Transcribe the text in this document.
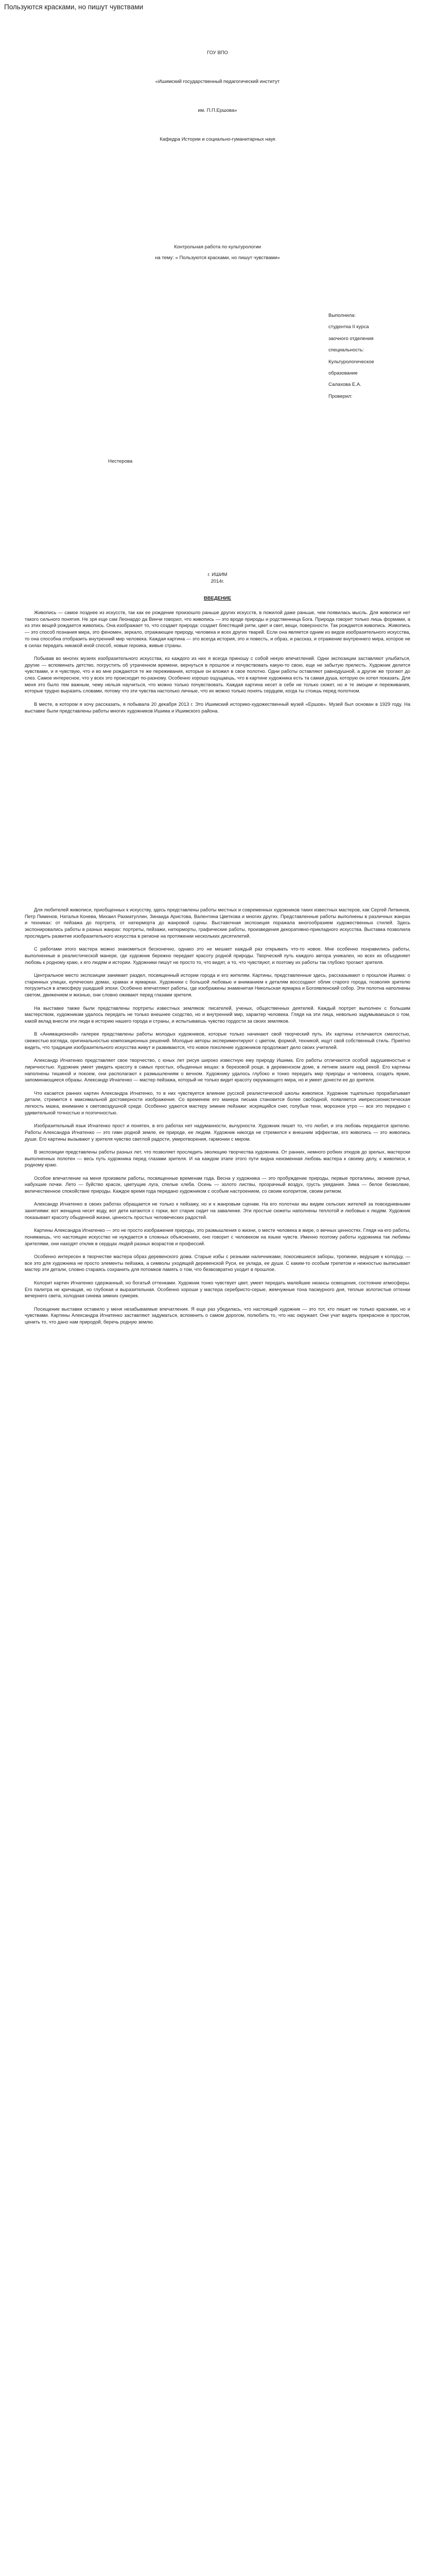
Пользуются красками, но пишут чувствами
ГОУ ВПО
«Ишимский государственный педагогический институт
им. П.П.Ершова»
Кафедра Истории и социально-гуманитарных наук
Контрольная работа по культурологии
на тему: « Пользуются красками, но пишут чувствами»
Выполнила:
студентка II курса
заочного отделения
специальность:
Культурологическое
образование
Салахова Е.А.
Проверил:
Нестерова
г. ИШИМ
2014г.
ВВЕДЕНИЕ

Живопись — самое позднее из искусств, так как ее рождение произошло раньше других искусств, в пожилой даже раньше, чем появилась мысль. Для живописи нет такого сильного понятия. Не зря еще сам Леонардо да Винчи говорил, что живопись — это вроде природы и родственница Бога. Природа говорит только лишь формами, а из этих вещей рождается живопись. Она изображает то, что создает природа: создает блестящий ритм, цвет и свет, вещи, поверхности. Так рождается живопись. Живопись — это способ познания мира, это феномен, зеркало, отражающее природу, человека и всех других тварей. Если она является одним из видов изобразительного искусства, то она способна отобразить внутренний мир человека. Каждая картина — это всегда история, это и повесть, и образ, и рассказ, и отражение внутреннего мира, которое не в силах передать никакой иной способ, новые героика, живые страны.

Побывав во многих музеях изобразительного искусства, из каждого из них я всегда приношу с собой некую впечатлений. Одни экспозиции заставляют улыбаться, другие — вспоминать детство, погрустить об утраченном времени, вернуться в прошлое и почувствовать какую-то свою, еще не забытую прелесть. Художник делится чувствами, и я чувствую, что и во мне рождаются те же переживания, которые он вложил в свое полотно. Одни работы оставляют равнодушной, а другие же трогают до слез. Самое интересное, что у всех это происходит по-разному. Особенно хорошо ощущаешь, что в картине художника есть та самая душа, которую он хотел показать. Для меня это было тем важным, чему нельзя научиться, что можно только почувствовать. Каждая картина несет в себе не только сюжет, но и те эмоции и переживания, которые трудно выразить словами, потому что эти чувства настолько личные, что их можно только понять сердцем, когда ты стоишь перед полотном.

В месте, в котором я хочу рассказать, я побывала 20 декабря 2013 г. Это Ишимский историко-художественный музей «Ершов». Музей был основан в 1929 году. На выставке были представлены работы многих художников Ишима и Ишимского района.

Для любителей живописи, приобщенных к искусству, здесь представлены работы местных и современных художников таких известных мастеров, как Сергей Литвинов, Петр Пименов, Наталья Конева, Михаил Рахматуллин, Зинаида Аристова, Валентина Цветкова и многих других. Представленные работы выполнены в различных жанрах и техниках: от пейзажа до портрета, от натюрморта до жанровой сцены. Выставочная экспозиция поражала многообразием художественных стилей. Здесь экспонировались работы в разных жанрах: портреты, пейзажи, натюрморты, графические работы, произведения декоративно-прикладного искусства. Выставка позволила проследить развитие изобразительного искусства в регионе на протяжении нескольких десятилетий.

С работами этого мастера можно знакомиться бесконечно, однако это не мешает каждый раз открывать что-то новое. Мне особенно понравились работы, выполненные в реалистической манере, где художник бережно передает красоту родной природы. Творческий путь каждого автора уникален, но всех их объединяет любовь к родному краю, к его людям и истории. Художники пишут не просто то, что видят, а то, что чувствуют, и поэтому их работы так глубоко трогают зрителя.

Центральное место экспозиции занимает раздел, посвященный истории города и его жителям. Картины, представленные здесь, рассказывают о прошлом Ишима: о старинных улицах, купеческих домах, храмах и ярмарках. Художники с большой любовью и вниманием к деталям воссоздают облик старого города, позволяя зрителю погрузиться в атмосферу ушедшей эпохи. Особенно впечатляют работы, где изображены знаменитая Никольская ярмарка и Богоявленский собор. Эти полотна наполнены светом, движением и жизнью, они словно оживают перед глазами зрителя.

На выставке также были представлены портреты известных земляков: писателей, ученых, общественных деятелей. Каждый портрет выполнен с большим мастерством, художникам удалось передать не только внешнее сходство, но и внутренний мир, характер человека. Глядя на эти лица, невольно задумываешься о том, какой вклад внесли эти люди в историю нашего города и страны, и испытываешь чувство гордости за своих земляков.

В «Анимационной» галерее представлены работы молодых художников, которые только начинают свой творческий путь. Их картины отличаются смелостью, свежестью взгляда, оригинальностью композиционных решений. Молодые авторы экспериментируют с цветом, формой, техникой, ищут свой собственный стиль. Приятно видеть, что традиции изобразительного искусства живут и развиваются, что новое поколение художников продолжает дело своих учителей.

Александр Игнатенко представляет свое творчество, с юных лет рисуя широко известную ему природу Ишима. Его работы отличаются особой задушевностью и лиричностью. Художник умеет увидеть красоту в самых простых, обыденных вещах: в березовой роще, в деревенском доме, в летнем закате над рекой. Его картины наполнены тишиной и покоем, они располагают к размышлениям о вечном. Художнику удалось глубоко и тонко передать мир природы и человека, создать яркие, запоминающиеся образы. Александр Игнатенко — мастер пейзажа, который не только видит красоту окружающего мира, но и умеет донести ее до зрителя.

Что касается ранних картин Александра Игнатенко, то в них чувствуется влияние русской реалистической школы живописи. Художник тщательно прорабатывает детали, стремится к максимальной достоверности изображения. Со временем его манера письма становится более свободной, появляется импрессионистическая легкость мазка, внимание к световоздушной среде. Особенно удаются мастеру зимние пейзажи: искрящийся снег, голубые тени, морозное утро — все это передано с удивительной точностью и поэтичностью.

Изобразительный язык Игнатенко прост и понятен, в его работах нет надуманности, вычурности. Художник пишет то, что любит, и эта любовь передается зрителю. Работы Александра Игнатенко — это гимн родной земле, ее природе, ее людям. Художник никогда не стремился к внешним эффектам, его живопись — это живопись души. Его картины вызывают у зрителя чувство светлой радости, умиротворения, гармонии с миром.

В экспозиции представлены работы разных лет, что позволяет проследить эволюцию творчества художника. От ранних, немного робких этюдов до зрелых, мастерски выполненных полотен — весь путь художника перед глазами зрителя. И на каждом этапе этого пути видна неизменная любовь мастера к своему делу, к живописи, к родному краю.

Особое впечатление на меня произвели работы, посвященные временам года. Весна у художника — это пробуждение природы, первые проталины, звонкие ручьи, набухшие почки. Лето — буйство красок, цветущие луга, спелые хлеба. Осень — золото листвы, прозрачный воздух, грусть увядания. Зима — белое безмолвие, величественное спокойствие природы. Каждое время года передано художником с особым настроением, со своим колоритом, своим ритмом.

Александр Игнатенко в своих работах обращается не только к пейзажу, но и к жанровым сценам. На его полотнах мы видим сельских жителей за повседневными занятиями: вот женщина несет воду, вот дети катаются с горки, вот старик сидит на завалинке. Эти простые сюжеты наполнены теплотой и любовью к людям. Художник показывает красоту обыденной жизни, ценность простых человеческих радостей.

Картины Александра Игнатенко — это не просто изображения природы, это размышления о жизни, о месте человека в мире, о вечных ценностях. Глядя на его работы, понимаешь, что настоящее искусство не нуждается в сложных объяснениях, оно говорит с человеком на языке чувств. Именно поэтому работы художника так любимы зрителями, они находят отклик в сердцах людей разных возрастов и профессий.

Особенно интересен в творчестве мастера образ деревенского дома. Старые избы с резными наличниками, покосившиеся заборы, тропинки, ведущие к колодцу, — все это для художника не просто элементы пейзажа, а символы уходящей деревенской Руси, ее уклада, ее души. С каким-то особым трепетом и нежностью выписывает мастер эти детали, словно стараясь сохранить для потомков память о том, что безвозвратно уходит в прошлое.

Колорит картин Игнатенко сдержанный, но богатый оттенками. Художник тонко чувствует цвет, умеет передать малейшие нюансы освещения, состояние атмосферы. Его палитра не кричащая, но глубокая и выразительная. Особенно хороши у мастера серебристо-серые, жемчужные тона пасмурного дня, теплые золотистые оттенки вечернего света, холодная синева зимних сумерек.

Посещение выставки оставило у меня незабываемые впечатления. Я еще раз убедилась, что настоящий художник — это тот, кто пишет не только красками, но и чувствами. Картины Александра Игнатенко заставляют задуматься, вспомнить о самом дорогом, полюбить то, что нас окружает. Они учат видеть прекрасное в простом, ценить то, что дано нам природой, беречь родную землю.
